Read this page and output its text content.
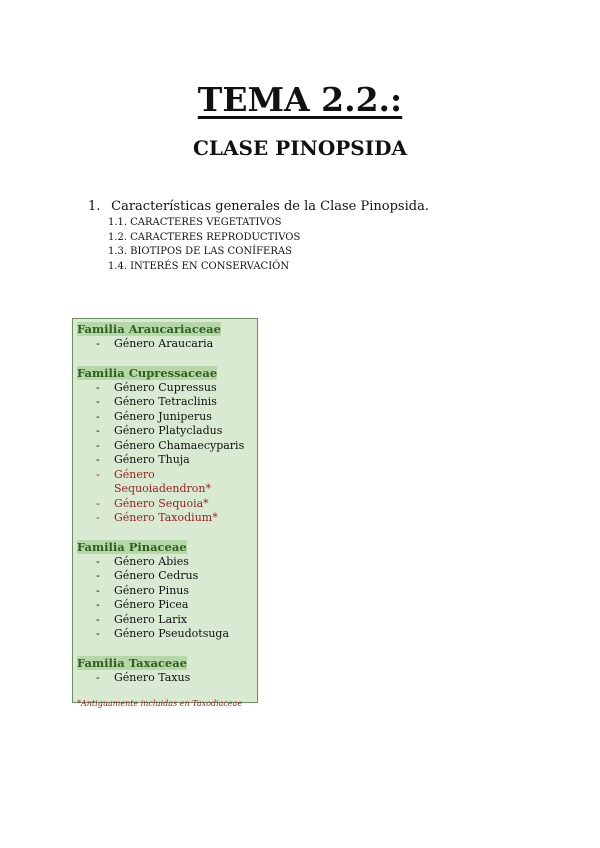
TEMA 2.2.:
CLASE PINOPSIDA
1. Características generales de la Clase Pinopsida.
1.1. CARACTERES VEGETATIVOS
1.2. CARACTERES REPRODUCTIVOS
1.3. BIOTIPOS DE LAS CONÍFERAS
1.4. INTERÉS EN CONSERVACIÓN
Familia Araucariaceae
- Género Araucaria
Familia Cupressaceae
- Género Cupressus
- Género Tetraclinis
- Género Juniperus
- Género Platycladus
- Género Chamaecyparis
- Género Thuja
- Género Sequoiadendron*
- Género Sequoia*
- Género Taxodium*
Familia Pinaceae
- Género Abies
- Género Cedrus
- Género Pinus
- Género Picea
- Género Larix
- Género Pseudotsuga
Familia Taxaceae
- Género Taxus
*Antiguamente incluidas en Taxodiaceae
